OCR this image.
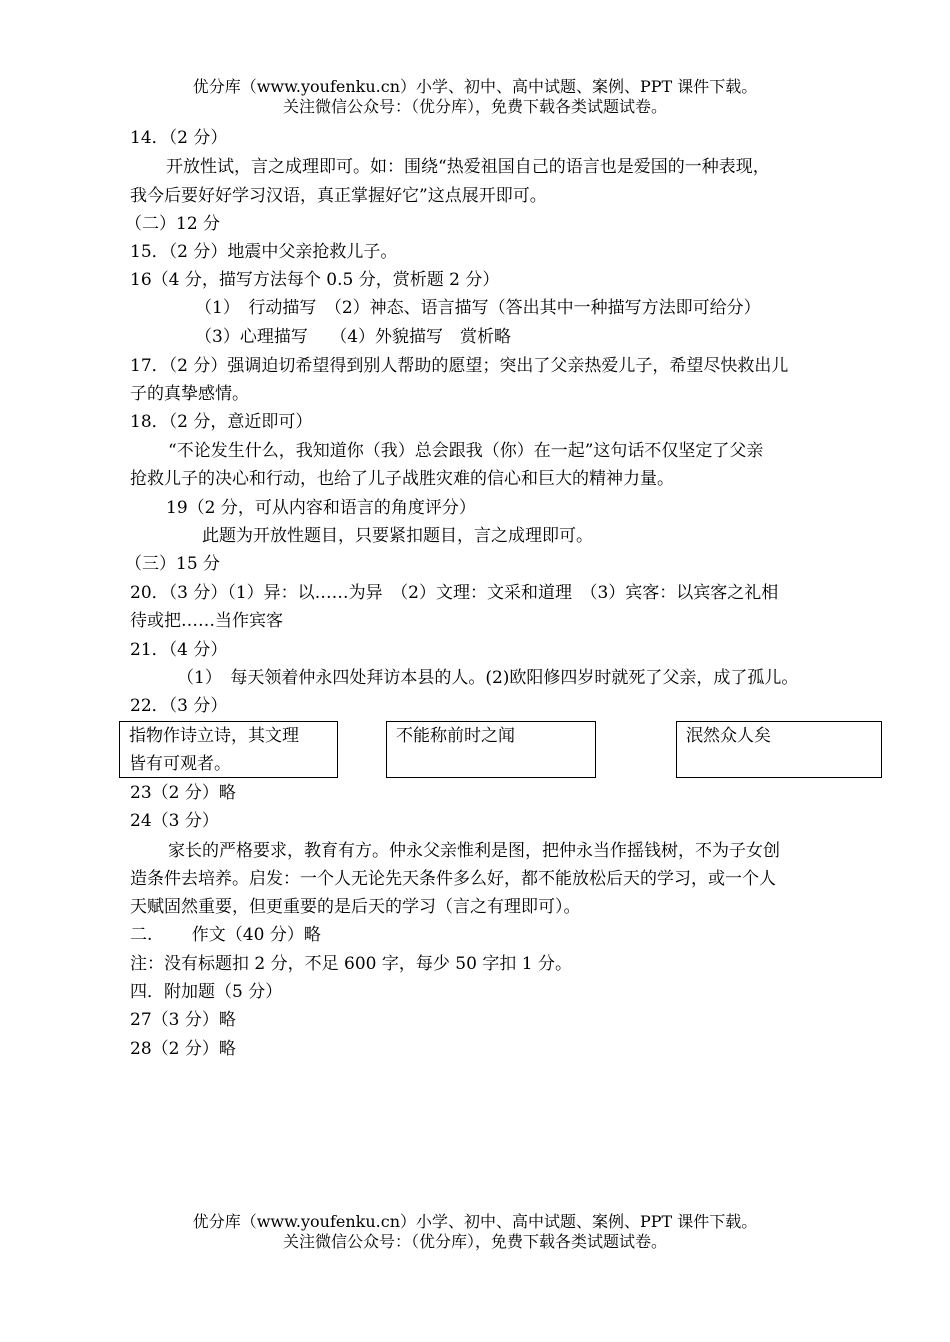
优分库（www.youfenku.cn）小学、初中、高中试题、案例、PPT 课件下载。
关注微信公众号：（优分库），免费下载各类试题试卷。
14．（2 分）
开放性试，言之成理即可。如：围绕“热爱祖国自己的语言也是爱国的一种表现，
我今后要好好学习汉语，真正掌握好它”这点展开即可。
（二）12 分
15．（2 分）地震中父亲抢救儿子。
16（4 分，描写方法每个 0.5 分，赏析题 2 分）
（1）　行动描写　（2）神态、语言描写（答出其中一种描写方法即可给分）
（3）心理描写　 （4）外貌描写　赏析略
17．（2 分）强调迫切希望得到别人帮助的愿望；突出了父亲热爱儿子，希望尽快救出儿
子的真挚感情。
18．（2 分，意近即可）
“不论发生什么，我知道你（我）总会跟我（你）在一起”这句话不仅坚定了父亲
抢救儿子的决心和行动，也给了儿子战胜灾难的信心和巨大的精神力量。
19（2 分，可从内容和语言的角度评分）
此题为开放性题目，只要紧扣题目，言之成理即可。
（三）15 分
20．（3 分）（1）异：以……为异　（2）文理：文采和道理　（3）宾客：以宾客之礼相
待或把……当作宾客
21．（4 分）
（1）　每天领着仲永四处拜访本县的人。(2)欧阳修四岁时就死了父亲，成了孤儿。
22．（3 分）
指物作诗立诗，其文理
皆有可观者。
不能称前时之闻	泯然众人矣
23（2 分）略
24（3 分）
家长的严格要求，教育有方。仲永父亲惟利是图，把仲永当作摇钱树，不为子女创
造条件去培养。启发：一个人无论先天条件多么好，都不能放松后天的学习，或一个人
天赋固然重要，但更重要的是后天的学习（言之有理即可）。
二.　　 作文（40 分）略
注：没有标题扣 2 分，不足 600 字，每少 50 字扣 1 分。
四．附加题（5 分）
27（3 分）略
28（2 分）略
优分库（www.youfenku.cn）小学、初中、高中试题、案例、PPT 课件下载。
关注微信公众号：（优分库），免费下载各类试题试卷。
